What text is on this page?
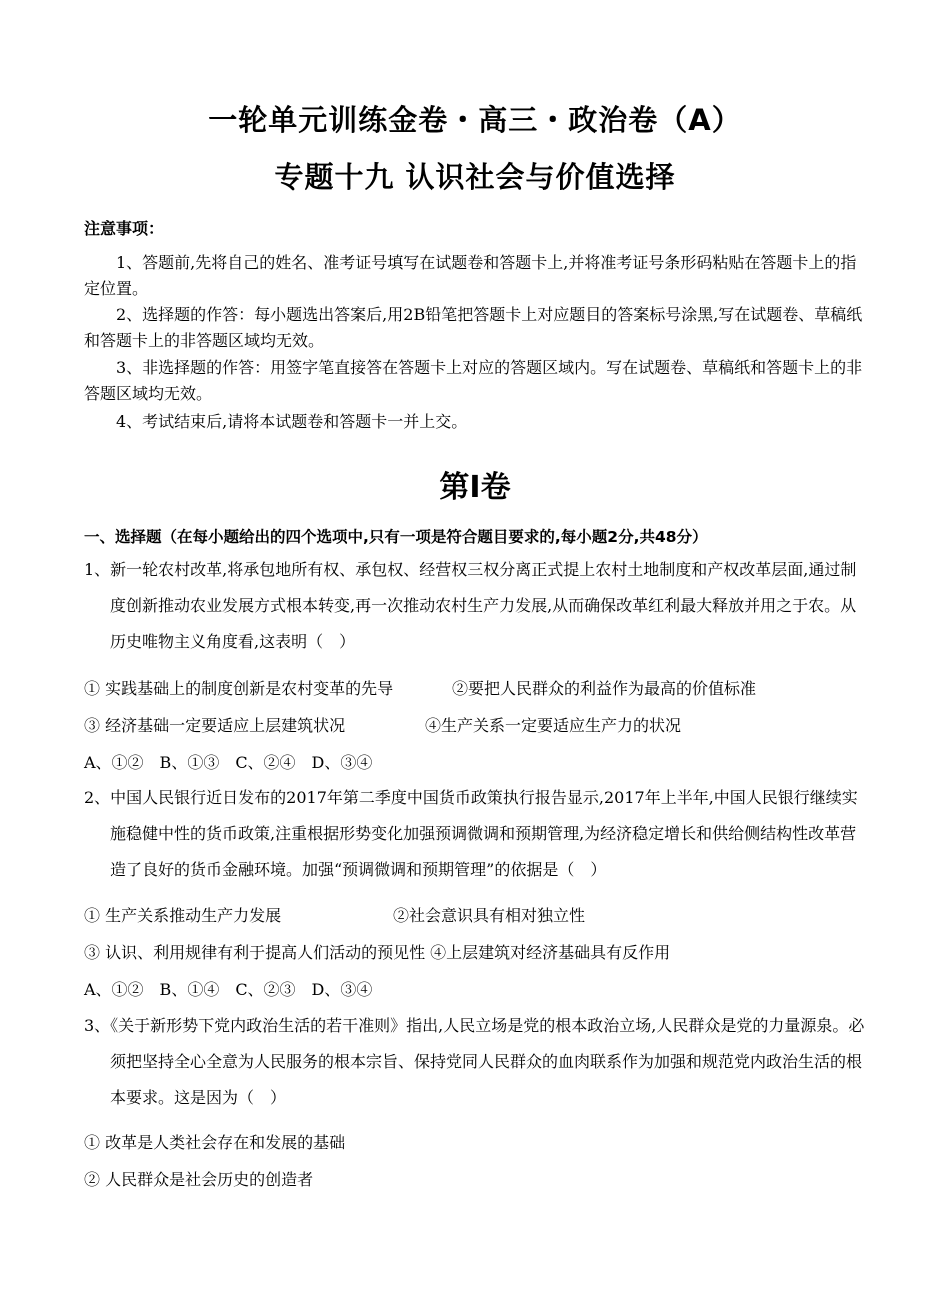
一轮单元训练金卷・高三・政治卷（A）
专题十九 认识社会与价值选择
注意事项：
1、答题前,先将自己的姓名、准考证号填写在试题卷和答题卡上,并将准考证号条形码粘贴在答题卡上的指定位置。
2、选择题的作答：每小题选出答案后,用2B铅笔把答题卡上对应题目的答案标号涂黑,写在试题卷、草稿纸和答题卡上的非答题区域均无效。
3、非选择题的作答：用签字笔直接答在答题卡上对应的答题区域内。写在试题卷、草稿纸和答题卡上的非答题区域均无效。
4、考试结束后,请将本试题卷和答题卡一并上交。
第Ⅰ卷
一、选择题（在每小题给出的四个选项中,只有一项是符合题目要求的,每小题2分,共48分）
1、新一轮农村改革,将承包地所有权、承包权、经营权三权分离正式提上农村土地制度和产权改革层面,通过制度创新推动农业发展方式根本转变,再一次推动农村生产力发展,从而确保改革红利最大释放并用之于农。从历史唯物主义角度看,这表明（　）
① 实践基础上的制度创新是农村变革的先导	②要把人民群众的利益作为最高的价值标准
③ 经济基础一定要适应上层建筑状况	④生产关系一定要适应生产力的状况
A、①②　B、①③　C、②④　D、③④
2、中国人民银行近日发布的2017年第二季度中国货币政策执行报告显示,2017年上半年,中国人民银行继续实施稳健中性的货币政策,注重根据形势变化加强预调微调和预期管理,为经济稳定增长和供给侧结构性改革营造了良好的货币金融环境。加强“预调微调和预期管理”的依据是（　）
① 生产关系推动生产力发展	②社会意识具有相对独立性
③ 认识、利用规律有利于提高人们活动的预见性 ④上层建筑对经济基础具有反作用
A、①②　B、①④　C、②③　D、③④
3、《关于新形势下党内政治生活的若干准则》指出,人民立场是党的根本政治立场,人民群众是党的力量源泉。必须把坚持全心全意为人民服务的根本宗旨、保持党同人民群众的血肉联系作为加强和规范党内政治生活的根本要求。这是因为（　）
① 改革是人类社会存在和发展的基础
② 人民群众是社会历史的创造者
